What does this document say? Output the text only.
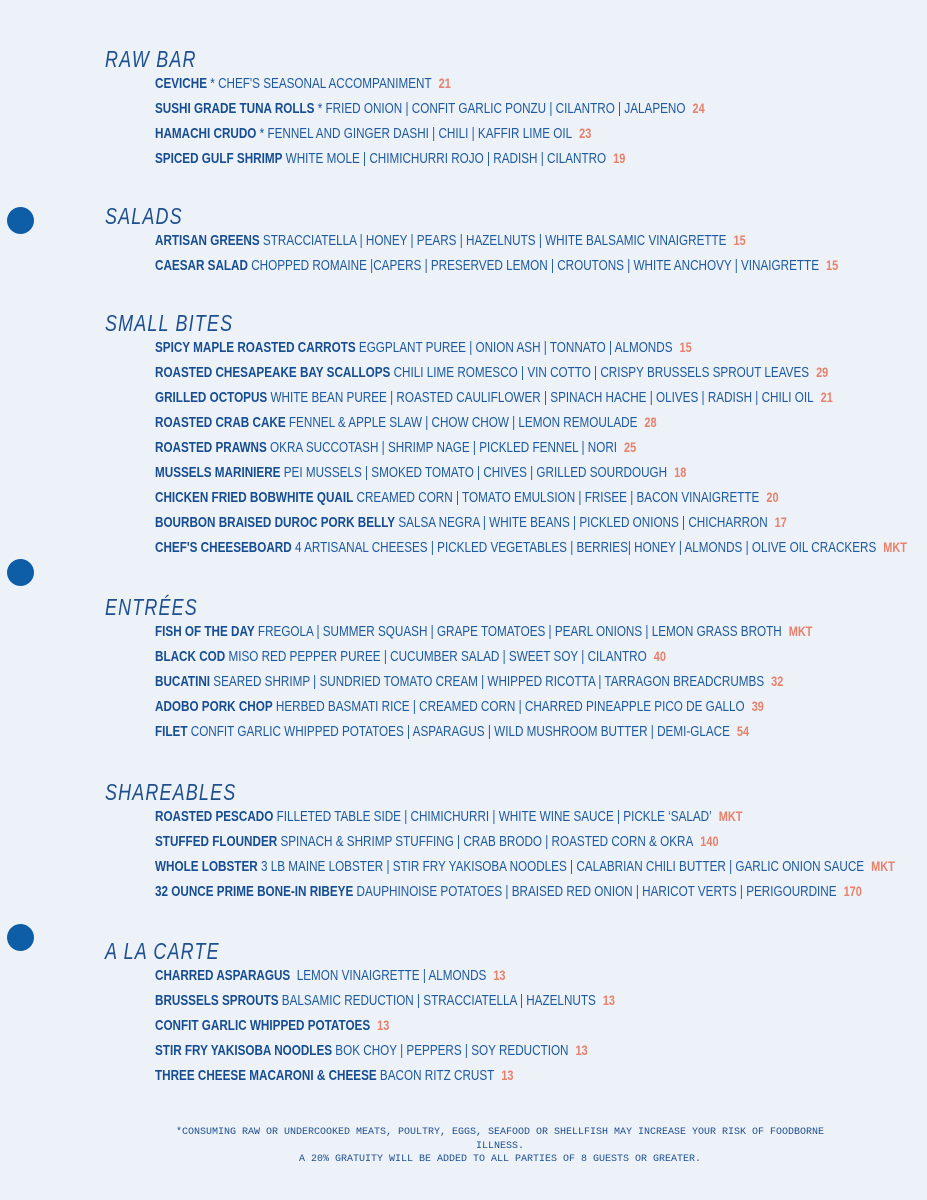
RAW BAR
CEVICHE * CHEF'S SEASONAL ACCOMPANIMENT 21
SUSHI GRADE TUNA ROLLS * FRIED ONION | CONFIT GARLIC PONZU | CILANTRO | JALAPENO 24
HAMACHI CRUDO * FENNEL AND GINGER DASHI | CHILI | KAFFIR LIME OIL 23
SPICED GULF SHRIMP WHITE MOLE | CHIMICHURRI ROJO | RADISH | CILANTRO 19
SALADS
ARTISAN GREENS STRACCIATELLA | HONEY | PEARS | HAZELNUTS | WHITE BALSAMIC VINAIGRETTE 15
CAESAR SALAD CHOPPED ROMAINE |CAPERS | PRESERVED LEMON | CROUTONS | WHITE ANCHOVY | VINAIGRETTE 15
SMALL BITES
SPICY MAPLE ROASTED CARROTS EGGPLANT PUREE | ONION ASH | TONNATO | ALMONDS 15
ROASTED CHESAPEAKE BAY SCALLOPS CHILI LIME ROMESCO | VIN COTTO | CRISPY BRUSSELS SPROUT LEAVES 29
GRILLED OCTOPUS WHITE BEAN PUREE | ROASTED CAULIFLOWER | SPINACH HACHE | OLIVES | RADISH | CHILI OIL 21
ROASTED CRAB CAKE FENNEL & APPLE SLAW | CHOW CHOW | LEMON REMOULADE 28
ROASTED PRAWNS OKRA SUCCOTASH | SHRIMP NAGE | PICKLED FENNEL | NORI 25
MUSSELS MARINIERE PEI MUSSELS | SMOKED TOMATO | CHIVES | GRILLED SOURDOUGH 18
CHICKEN FRIED BOBWHITE QUAIL CREAMED CORN | TOMATO EMULSION | FRISEE | BACON VINAIGRETTE 20
BOURBON BRAISED DUROC PORK BELLY SALSA NEGRA | WHITE BEANS | PICKLED ONIONS | CHICHARRON 17
CHEF'S CHEESEBOARD 4 ARTISANAL CHEESES | PICKLED VEGETABLES | BERRIES| HONEY | ALMONDS | OLIVE OIL CRACKERS MKT
ENTRÉES
FISH OF THE DAY FREGOLA | SUMMER SQUASH | GRAPE TOMATOES | PEARL ONIONS | LEMON GRASS BROTH MKT
BLACK COD MISO RED PEPPER PUREE | CUCUMBER SALAD | SWEET SOY | CILANTRO 40
BUCATINI SEARED SHRIMP | SUNDRIED TOMATO CREAM | WHIPPED RICOTTA | TARRAGON BREADCRUMBS 32
ADOBO PORK CHOP HERBED BASMATI RICE | CREAMED CORN | CHARRED PINEAPPLE PICO DE GALLO 39
FILET CONFIT GARLIC WHIPPED POTATOES | ASPARAGUS | WILD MUSHROOM BUTTER | DEMI-GLACE 54
SHAREABLES
ROASTED PESCADO FILLETED TABLE SIDE | CHIMICHURRI | WHITE WINE SAUCE | PICKLE ‘SALAD’ MKT
STUFFED FLOUNDER SPINACH & SHRIMP STUFFING | CRAB BRODO | ROASTED CORN & OKRA 140
WHOLE LOBSTER 3 LB MAINE LOBSTER | STIR FRY YAKISOBA NOODLES | CALABRIAN CHILI BUTTER | GARLIC ONION SAUCE MKT
32 OUNCE PRIME BONE-IN RIBEYE DAUPHINOISE POTATOES | BRAISED RED ONION | HARICOT VERTS | PERIGOURDINE 170
A LA CARTE
CHARRED ASPARAGUS  LEMON VINAIGRETTE | ALMONDS 13
BRUSSELS SPROUTS BALSAMIC REDUCTION | STRACCIATELLA | HAZELNUTS 13
CONFIT GARLIC WHIPPED POTATOES 13
STIR FRY YAKISOBA NOODLES BOK CHOY | PEPPERS | SOY REDUCTION 13
THREE CHEESE MACARONI & CHEESE BACON RITZ CRUST 13
*CONSUMING RAW OR UNDERCOOKED MEATS, POULTRY, EGGS, SEAFOOD OR SHELLFISH MAY INCREASE YOUR RISK OF FOODBORNE ILLNESS.
A 20% GRATUITY WILL BE ADDED TO ALL PARTIES OF 8 GUESTS OR GREATER.
